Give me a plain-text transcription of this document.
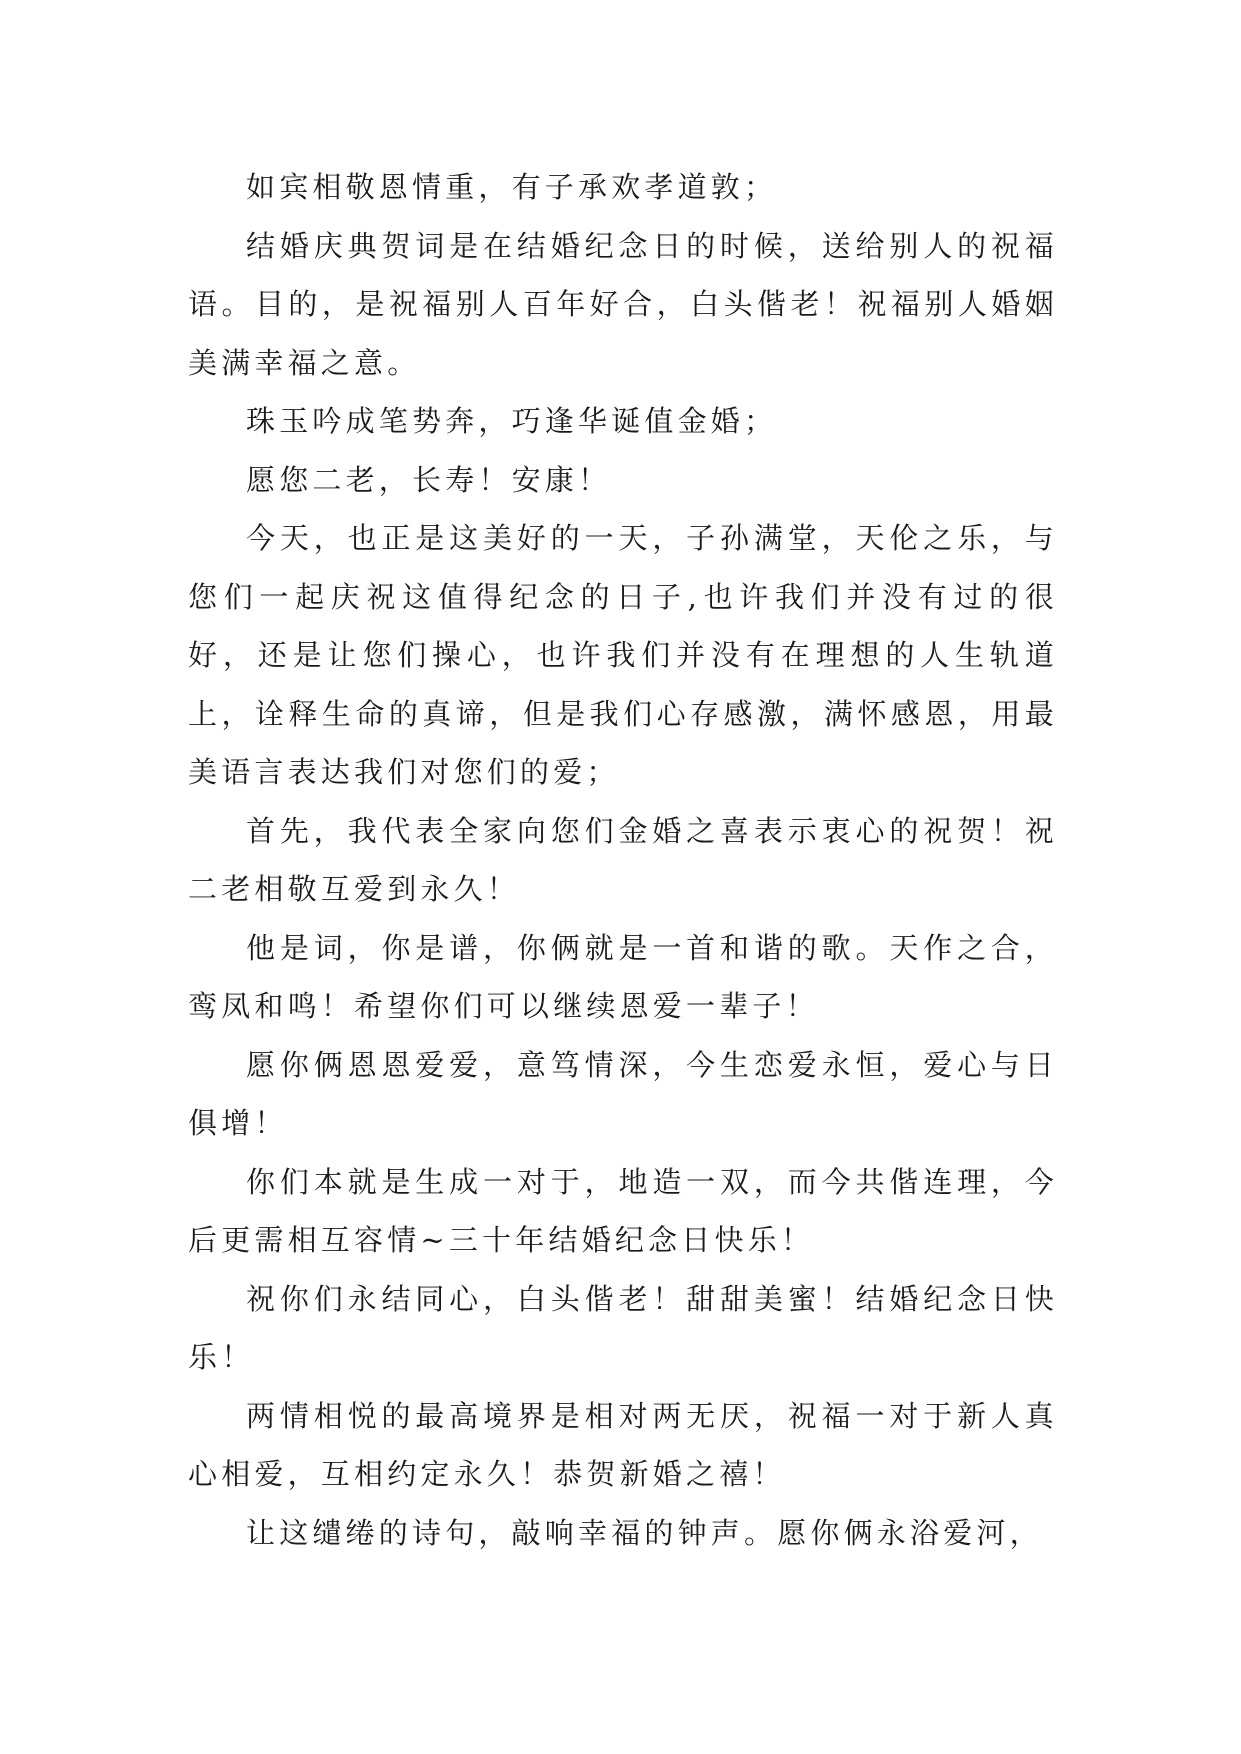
如宾相敬恩情重，有子承欢孝道敦；

结婚庆典贺词是在结婚纪念日的时候，送给别人的祝福语。目的，是祝福别人百年好合，白头偕老！祝福别人婚姻美满幸福之意。

珠玉吟成笔势奔，巧逢华诞值金婚；

愿您二老，长寿！安康！

今天，也正是这美好的一天，子孙满堂，天伦之乐，与您们一起庆祝这值得纪念的日子,也许我们并没有过的很好，还是让您们操心，也许我们并没有在理想的人生轨道上，诠释生命的真谛，但是我们心存感激，满怀感恩，用最美语言表达我们对您们的爱；

首先，我代表全家向您们金婚之喜表示衷心的祝贺！祝二老相敬互爱到永久！

他是词，你是谱，你俩就是一首和谐的歌。天作之合，鸾凤和鸣！希望你们可以继续恩爱一辈子！

愿你俩恩恩爱爱，意笃情深，今生恋爱永恒，爱心与日俱增！

你们本就是生成一对于，地造一双，而今共偕连理，今后更需相互容情~三十年结婚纪念日快乐！

祝你们永结同心，白头偕老！甜甜美蜜！结婚纪念日快乐！

两情相悦的最高境界是相对两无厌，祝福一对于新人真心相爱，互相约定永久！恭贺新婚之禧！

让这缱绻的诗句，敲响幸福的钟声。愿你俩永浴爱河，
